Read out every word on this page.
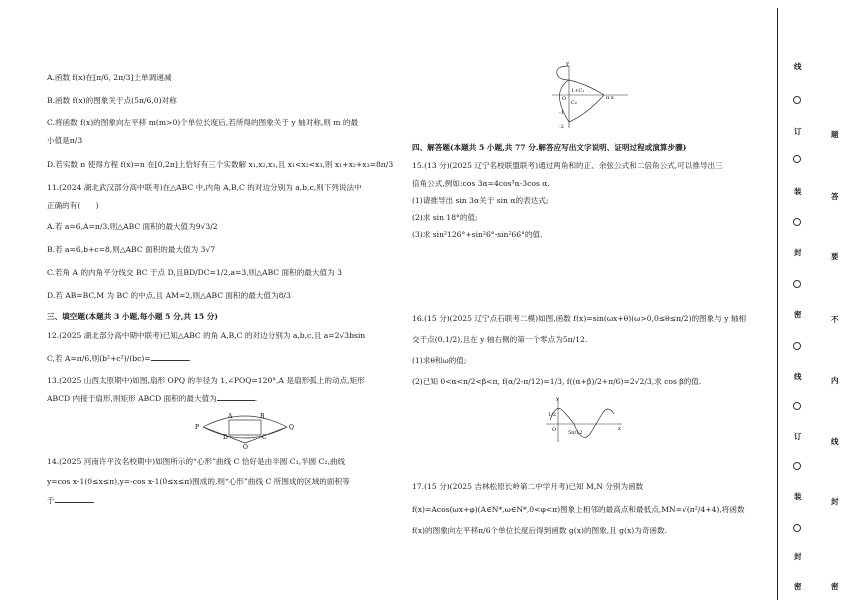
A.函数 f(x)在[π/6, 2π/3]上单调递减
B.函数 f(x)的图象关于点(5π/6,0)对称
C.将函数 f(x)的图象向左平移 m(m>0)个单位长度后,若所得的图象关于 y 轴对称,则 m 的最
小值是π/3
D.若实数 n 使得方程 f(x)=n 在[0,2π]上恰好有三个实数解 x₁,x₂,x₃,且 x₁<x₂<x₃,则 x₁+x₂+x₃=8π/3
11.(2024 湖北武汉部分高中联考)在△ABC 中,内角 A,B,C 的对边分别为 a,b,c,则下列说法中
正确的有(　　)
A.若 a=6,A=π/3,则△ABC 面积的最大值为9√3/2
B.若 a=6,b+c=8,则△ABC 面积的最大值为 3√7
C.若角 A 的内角平分线交 BC 于点 D,且BD/DC=1/2,a=3,则△ABC 面积的最大值为 3
D.若 AB=BC,M 为 BC 的中点,且 AM=2,则△ABC 面积的最大值为8/3
三、填空题(本题共 3 小题,每小题 5 分,共 15 分)
12.(2025 湖北部分高中期中联考)已知△ABC 的角 A,B,C 的对边分别为 a,b,c,且 a=2√3bsin
C,若 A=π/6,则(b²+c²)/(bc)=	.
13.(2025 山西太原期中)如图,扇形 OPQ 的半径为 1,∠POQ=120°,A 是扇形弧上的动点,矩形
ABCD 内接于扇形,则矩形 ABCD 面积的最大值为	.
A	B
P
D	C
Q
O
14.(2025 河南许平汝名校期中)如图所示的“心形”曲线 C 恰好是由半圆 C₁,半圆 C₂,曲线
y=cos x-1(0≤x≤π),y=-cos x-1(0≤x≤π)围成的,则“心形”曲线 C 所围成的区域的面积等
于	.
y
1+C₁
C₂
O
-1
-2
π x
四、解答题(本题共 5 小题,共 77 分.解答应写出文字说明、证明过程或演算步骤)
15.(13 分)(2025 辽宁名校联盟联考)通过两角和的正、余弦公式和二倍角公式,可以推导出三
倍角公式,例如:cos 3α=4cos³α-3cos α.
(1)请推导出 sin 3α关于 sin α的表达式;
(2)求 sin 18°的值;
(3)求 sin²126°+sin²6°-sin²66°的值.
16.(15 分)(2025 辽宁点石联考二模)如图,函数 f(x)=sin(ωx+θ)(ω>0,0≤θ≤π/2)的图象与 y 轴相
交于点(0,1/2),且在 y 轴右侧的第一个零点为5π/12.
(1)求θ和ω的值;
(2)已知 0<α<π/2<β<π, f(α/2-π/12)=1/3, f((α+β)/2+π/6)=2√2/3,求 cos β的值.
y
1/2
O 5π/12
x
17.(15 分)(2025 吉林松原长岭第二中学月考)已知 M,N 分别为函数
f(x)=Acos(ωx+φ)(A∈N*,ω∈N*,0<φ<π)图象上相邻的最高点和最低点,MN=√(π²/4+4),将函数
f(x)的图象向左平移π/6个单位长度后得到函数 g(x)的图象,且 g(x)为奇函数.
线
订
装
封
密
线
订
装
封
密
题
答
要
不
内
线
封
密
